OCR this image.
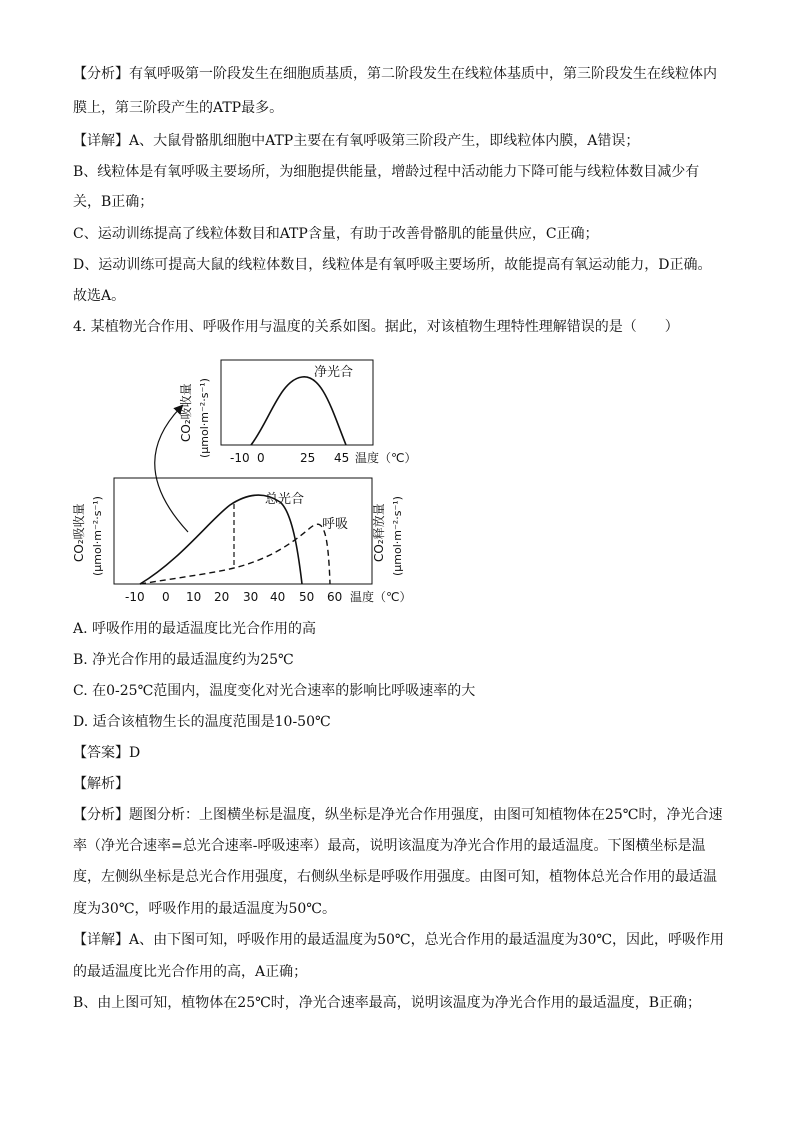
【分析】有氧呼吸第一阶段发生在细胞质基质，第二阶段发生在线粒体基质中，第三阶段发生在线粒体内
膜上，第三阶段产生的ATP最多。
【详解】A、大鼠骨骼肌细胞中ATP主要在有氧呼吸第三阶段产生，即线粒体内膜，A错误；
B、线粒体是有氧呼吸主要场所，为细胞提供能量，增龄过程中活动能力下降可能与线粒体数目减少有
关，B正确；
C、运动训练提高了线粒体数目和ATP含量，有助于改善骨骼肌的能量供应，C正确；
D、运动训练可提高大鼠的线粒体数目，线粒体是有氧呼吸主要场所，故能提高有氧运动能力，D正确。
故选A。
4. 某植物光合作用、呼吸作用与温度的关系如图。据此，对该植物生理特性理解错误的是（　　）
净光合
CO₂吸收量 (μmol·m⁻²·s⁻¹) -10 0	25 45 温度（℃）
总光合
呼吸
CO₂吸收量 (μmol·m⁻²·s⁻¹)	CO₂释放量 (μmol·m⁻²·s⁻¹)
-10 0 10 20 30 40 50 60 温度（℃）
A. 呼吸作用的最适温度比光合作用的高
B. 净光合作用的最适温度约为25℃
C. 在0-25℃范围内，温度变化对光合速率的影响比呼吸速率的大
D. 适合该植物生长的温度范围是10-50℃
【答案】D
【解析】
【分析】题图分析：上图横坐标是温度，纵坐标是净光合作用强度，由图可知植物体在25℃时，净光合速
率（净光合速率=总光合速率-呼吸速率）最高，说明该温度为净光合作用的最适温度。下图横坐标是温
度，左侧纵坐标是总光合作用强度，右侧纵坐标是呼吸作用强度。由图可知，植物体总光合作用的最适温
度为30℃，呼吸作用的最适温度为50℃。
【详解】A、由下图可知，呼吸作用的最适温度为50℃，总光合作用的最适温度为30℃，因此，呼吸作用
的最适温度比光合作用的高，A正确；
B、由上图可知，植物体在25℃时，净光合速率最高，说明该温度为净光合作用的最适温度，B正确；
